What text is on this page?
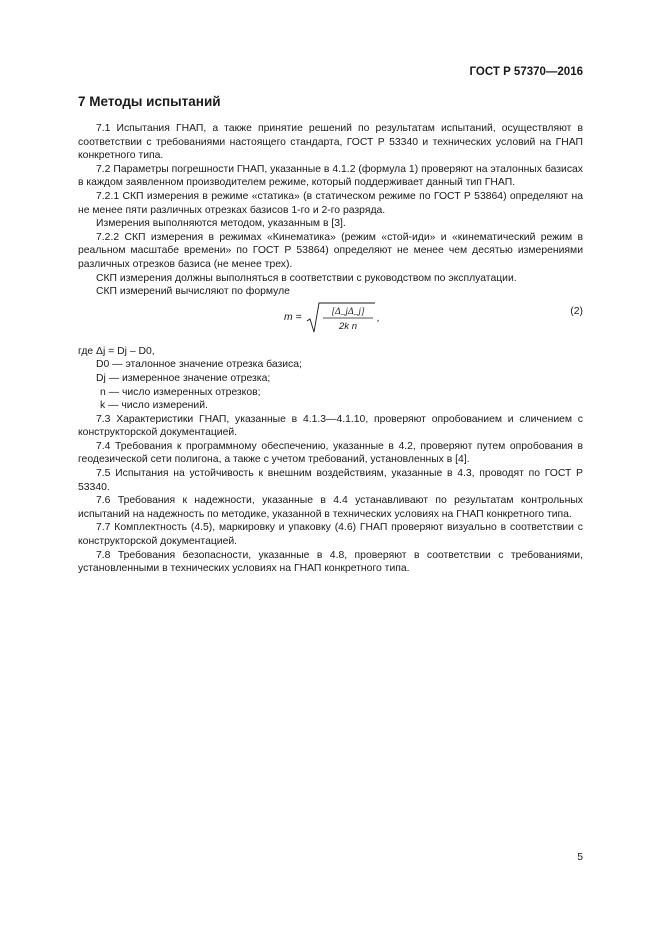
ГОСТ Р 57370—2016
7 Методы испытаний

7.1 Испытания ГНАП, а также принятие решений по результатам испытаний, осуществляют в соответствии с требованиями настоящего стандарта, ГОСТ Р 53340 и технических условий на ГНАП конкретного типа.

7.2 Параметры погрешности ГНАП, указанные в 4.1.2 (формула 1) проверяют на эталонных базисах в каждом заявленном производителем режиме, который поддерживает данный тип ГНАП.

7.2.1 СКП измерения в режиме «статика» (в статическом режиме по ГОСТ Р 53864) определяют на не менее пяти различных отрезках базисов 1-го и 2-го разряда.

Измерения выполняются методом, указанным в [3].

7.2.2 СКП измерения в режимах «Кинематика» (режим «стой-иди» и «кинематический режим в реальном масштабе времени» по ГОСТ Р 53864) определяют не менее чем десятью измерениями различных отрезков базиса (не менее трех).

СКП измерения должны выполняться в соответствии с руководством по эксплуатации.

СКП измерений вычисляют по формуле

m =
[Δ_jΔ_j]
2k n
,
(2)

где Δj = Dj – D0,

D0 — эталонное значение отрезка базиса;

Dj — измеренное значение отрезка;

n — число измеренных отрезков;

k — число измерений.

7.3 Характеристики ГНАП, указанные в 4.1.3—4.1.10, проверяют опробованием и сличением с конструкторской документацией.

7.4 Требования к программному обеспечению, указанные в 4.2, проверяют путем опробования в геодезической сети полигона, а также с учетом требований, установленных в [4].

7.5 Испытания на устойчивость к внешним воздействиям, указанные в 4.3, проводят по ГОСТ Р 53340.

7.6 Требования к надежности, указанные в 4.4 устанавливают по результатам контрольных испытаний на надежность по методике, указанной в технических условиях на ГНАП конкретного типа.

7.7 Комплектность (4.5), маркировку и упаковку (4.6) ГНАП проверяют визуально в соответствии с конструкторской документацией.

7.8 Требования безопасности, указанные в 4.8, проверяют в соответствии с требованиями, установленными в технических условиях на ГНАП конкретного типа.

5
